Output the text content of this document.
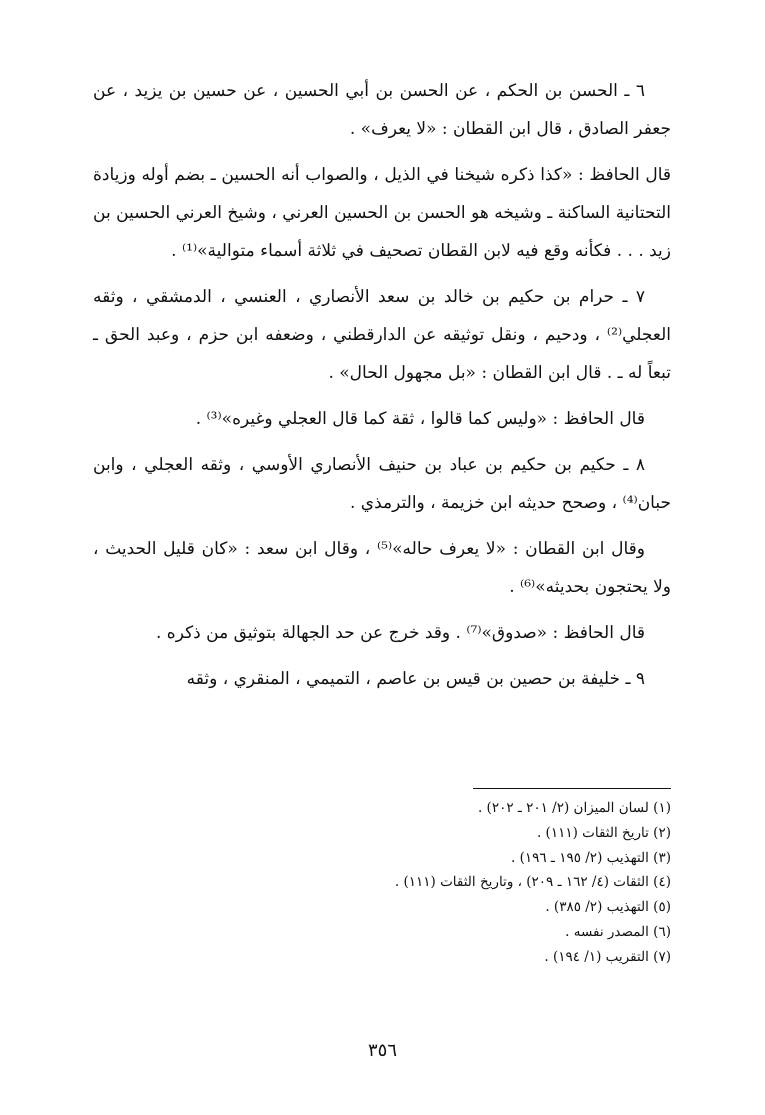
٦ ـ الحسن بن الحكم ، عن الحسن بن أبي الحسين ، عن حسين بن يزيد ، عن جعفر الصادق ، قال ابن القطان : «لا يعرف» .

قال الحافظ : «كذا ذكره شيخنا في الذيل ، والصواب أنه الحسين ـ بضم أوله وزيادة التحتانية الساكنة ـ وشيخه هو الحسن بن الحسين العرني ، وشيخ العرني الحسين بن زيد . . . فكأنه وقع فيه لابن القطان تصحيف في ثلاثة أسماء متوالية»⁽¹⁾ .

٧ ـ حرام بن حكيم بن خالد بن سعد الأنصاري ، العنسي ، الدمشقي ، وثقه العجلي⁽²⁾ ، ودحيم ، ونقل توثيقه عن الدارقطني ، وضعفه ابن حزم ، وعبد الحق ـ تبعاً له ـ . قال ابن القطان : «بل مجهول الحال» .

قال الحافظ : «وليس كما قالوا ، ثقة كما قال العجلي وغيره»⁽³⁾ .

٨ ـ حكيم بن حكيم بن عباد بن حنيف الأنصاري الأوسي ، وثقه العجلي ، وابن حبان⁽⁴⁾ ، وصحح حديثه ابن خزيمة ، والترمذي .

وقال ابن القطان : «لا يعرف حاله»⁽⁵⁾ ، وقال ابن سعد : «كان قليل الحديث ، ولا يحتجون بحديثه»⁽⁶⁾ .

قال الحافظ : «صدوق»⁽⁷⁾ . وقد خرج عن حد الجهالة بتوثيق من ذكره .

٩ ـ خليفة بن حصين بن قيس بن عاصم ، التميمي ، المنقري ، وثقه

(١) لسان الميزان (٢/ ٢٠١ ـ ٢٠٢) .
(٢) تاريخ الثقات (١١١) .
(٣) التهذيب (٢/ ١٩٥ ـ ١٩٦) .
(٤) الثقات (٤/ ١٦٢ ـ ٢٠٩) ، وتاريخ الثقات (١١١) .
(٥) التهذيب (٢/ ٣٨٥) .
(٦) المصدر نفسه .
(٧) التقريب (١/ ١٩٤) .
٣٥٦
